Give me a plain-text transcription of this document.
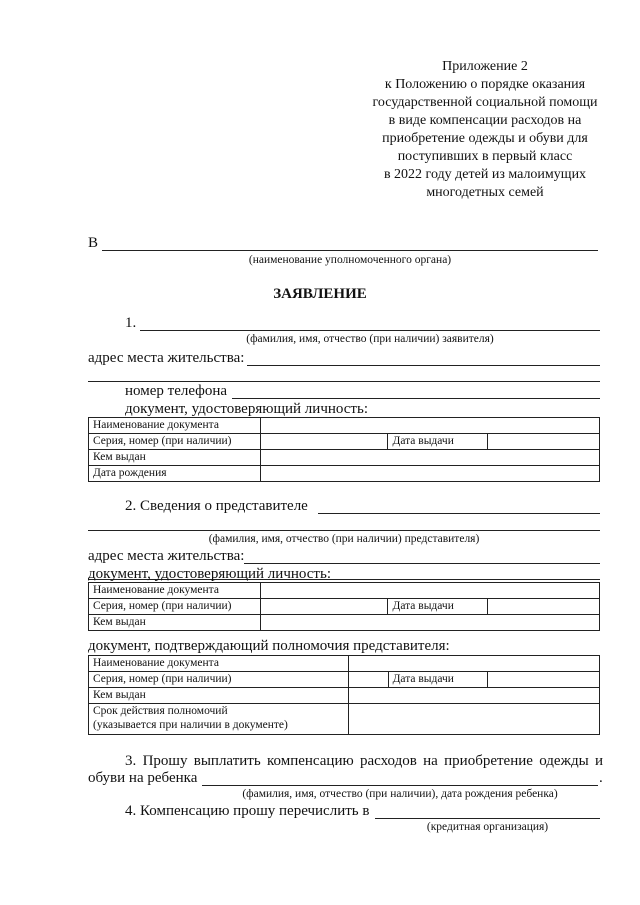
Приложение 2
к Положению о порядке оказания
государственной социальной помощи
в виде компенсации расходов на
приобретение одежды и обуви для
поступивших в первый класс
в 2022 году детей из малоимущих
многодетных семей
В
(наименование уполномоченного органа)
ЗАЯВЛЕНИЕ
1.
(фамилия, имя, отчество (при наличии) заявителя)
адрес места жительства:
номер телефона
документ, удостоверяющий личность:
Наименование документа			
Серия, номер (при наличии)		Дата выдачи	
Кем выдан			
Дата рождения			
2. Сведения о представителе
(фамилия, имя, отчество (при наличии) представителя)
адрес места жительства:
документ, удостоверяющий личность:
Наименование документа			
Серия, номер (при наличии)		Дата выдачи	
Кем выдан			
документ, подтверждающий полномочия представителя:
Наименование документа			
Серия, номер (при наличии)		Дата выдачи	
Кем выдан			

Срок действия полномочий
(указывается при наличии в документе)			

3. Прошу выплатить компенсацию расходов на приобретение одежды и
обуви на ребенка	.
(фамилия, имя, отчество (при наличии), дата рождения ребенка)
4. Компенсацию прошу перечислить в
(кредитная организация)
